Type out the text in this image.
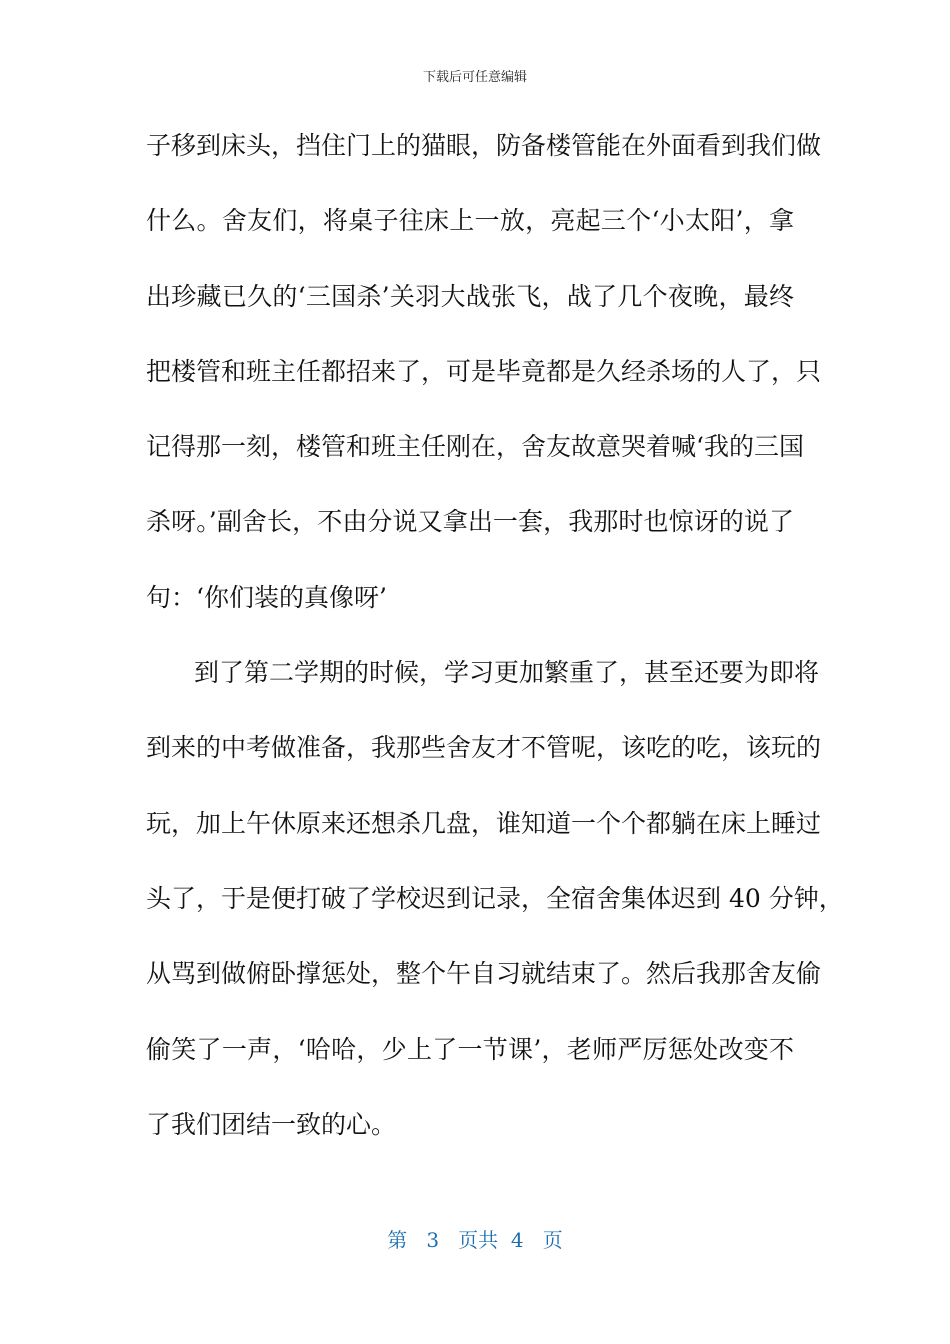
下载后可任意编辑
子移到床头，挡住门上的猫眼，防备楼管能在外面看到我们做
什么。舍友们，将桌子往床上一放，亮起三个‘小太阳’，拿
出珍藏已久的‘三国杀’关羽大战张飞，战了几个夜晚，最终
把楼管和班主任都招来了，可是毕竟都是久经杀场的人了，只
记得那一刻，楼管和班主任刚在，舍友故意哭着喊‘我的三国
杀呀。’副舍长，不由分说又拿出一套，我那时也惊讶的说了
句：‘你们装的真像呀’
到了第二学期的时候，学习更加繁重了，甚至还要为即将
到来的中考做准备，我那些舍友才不管呢，该吃的吃，该玩的
玩，加上午休原来还想杀几盘，谁知道一个个都躺在床上睡过
头了，于是便打破了学校迟到记录，全宿舍集体迟到 40 分钟，
从骂到做俯卧撑惩处，整个午自习就结束了。然后我那舍友偷
偷笑了一声，‘哈哈，少上了一节课’，老师严厉惩处改变不
了我们团结一致的心。
第 3 页共 4 页
